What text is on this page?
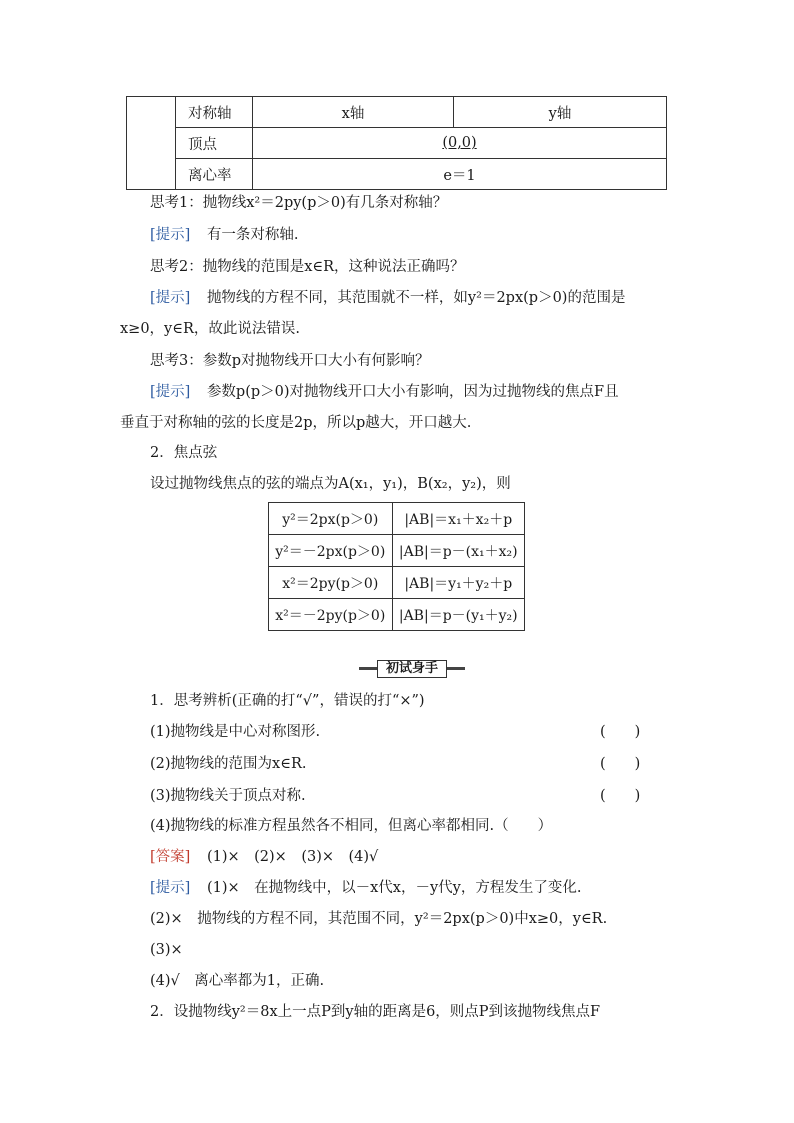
	对称轴	x轴	y轴
	顶点	(0,0)	
	离心率	e＝1	
思考1：抛物线x²＝2py(p＞0)有几条对称轴？
[提示] 有一条对称轴.
思考2：抛物线的范围是x∈R，这种说法正确吗？
[提示] 抛物线的方程不同，其范围就不一样，如y²＝2px(p＞0)的范围是
x≥0，y∈R，故此说法错误.
思考3：参数p对抛物线开口大小有何影响？
[提示] 参数p(p＞0)对抛物线开口大小有影响，因为过抛物线的焦点F且
垂直于对称轴的弦的长度是2p，所以p越大，开口越大.
2．焦点弦
设过抛物线焦点的弦的端点为A(x₁，y₁)，B(x₂，y₂)，则
y²＝2px(p＞0)	|AB|＝x₁＋x₂＋p
y²＝－2px(p＞0)	|AB|＝p－(x₁＋x₂)
x²＝2py(p＞0)	|AB|＝y₁＋y₂＋p
x²＝－2py(p＞0)	|AB|＝p－(y₁＋y₂)
初试身手
1．思考辨析(正确的打“√”，错误的打“×”)
(1)抛物线是中心对称图形.	(　　)
(2)抛物线的范围为x∈R.	(　　)
(3)抛物线关于顶点对称.	(　　)
(4)抛物线的标准方程虽然各不相同，但离心率都相同.（　　）
[答案] (1)×　(2)×　(3)×　(4)√
[提示] (1)×　在抛物线中，以－x代x，－y代y，方程发生了变化.
(2)×　抛物线的方程不同，其范围不同，y²＝2px(p＞0)中x≥0，y∈R.
(3)×
(4)√　离心率都为1，正确.
2．设抛物线y²＝8x上一点P到y轴的距离是6，则点P到该抛物线焦点F
